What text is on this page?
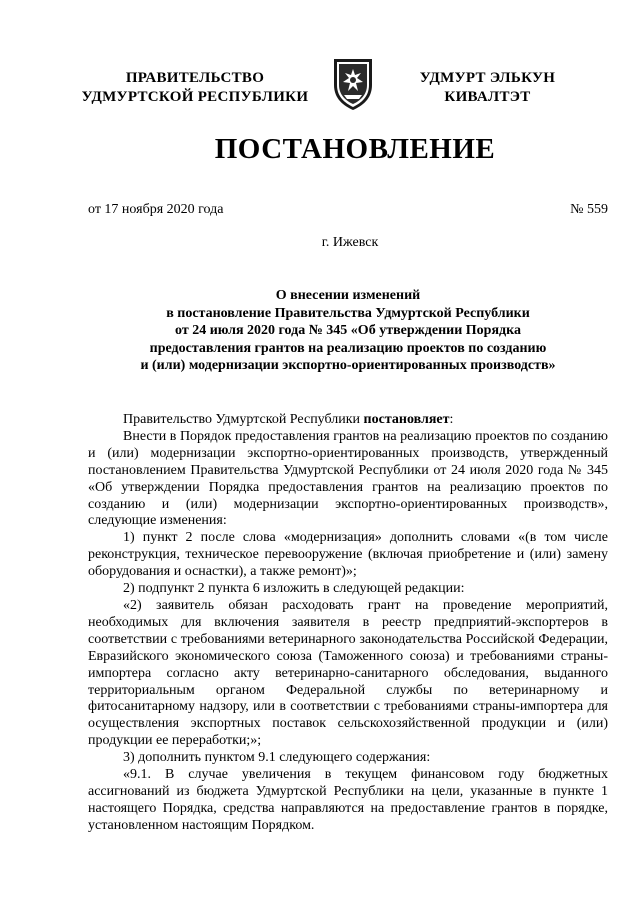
ПРАВИТЕЛЬСТВО
УДМУРТСКОЙ РЕСПУБЛИКИ
УДМУРТ ЭЛЬКУН
КИВАЛТЭТ
ПОСТАНОВЛЕНИЕ
от 17 ноября 2020 года	№ 559
г. Ижевск
О внесении изменений
в постановление Правительства Удмуртской Республики
от 24 июля 2020 года № 345 «Об утверждении Порядка
предоставления грантов на реализацию проектов по созданию
и (или) модернизации экспортно-ориентированных производств»

Правительство Удмуртской Республики постановляет:

Внести в Порядок предоставления грантов на реализацию проектов по созданию и (или) модернизации экспортно-ориентированных производств, утвержденный постановлением Правительства Удмуртской Республики от 24 июля 2020 года № 345 «Об утверждении Порядка предоставления грантов на реализацию проектов по созданию и (или) модернизации экспортно-ориентированных производств», следующие изменения:

1) пункт 2 после слова «модернизация» дополнить словами «(в том числе реконструкция, техническое перевооружение (включая приобретение и (или) замену оборудования и оснастки), а также ремонт)»;

2) подпункт 2 пункта 6 изложить в следующей редакции:

«2) заявитель обязан расходовать грант на проведение мероприятий, необходимых для включения заявителя в реестр предприятий-экспортеров в соответствии с требованиями ветеринарного законодательства Российской Федерации, Евразийского экономического союза (Таможенного союза) и требованиями страны-импортера согласно акту ветеринарно-санитарного обследования, выданного территориальным органом Федеральной службы по ветеринарному и фитосанитарному надзору, или в соответствии с требованиями страны-импортера для осуществления экспортных поставок сельскохозяйственной продукции и (или) продукции ее переработки;»;

3) дополнить пунктом 9.1 следующего содержания:

«9.1. В случае увеличения в текущем финансовом году бюджетных ассигнований из бюджета Удмуртской Республики на цели, указанные в пункте 1 настоящего Порядка, средства направляются на предоставление грантов в порядке, установленном настоящим Порядком.
